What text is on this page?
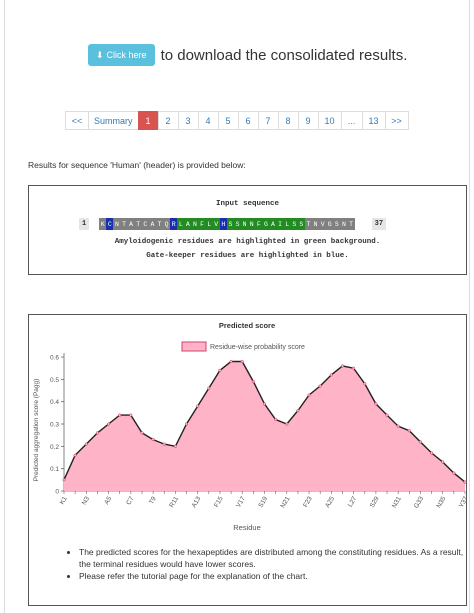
⬇ Click here to download the consolidated results.
<<	Summary	1	2	3	4	5	6	7	8	9	10	...	13	>>
Results for sequence 'Human' (header) is provided below:
Input sequence
1	K C N T A T C A T Q R L A N F L V H S S N N F G A I L S S T N V G S N T Y	37
Amyloidogenic residues are highlighted in green background.
Gate-keeper residues are highlighted in blue.
Predicted score
Residue-wise probability score
Residue
Predicted aggregation score (Pagg)
0
0.1
0.2
0.3
0.4
0.5
0.6
K1 N3 A5 C7 T9 R11 A13 F15 V17 S19 N21 F23 A25 L27 S29 N31 G33 N35 Y37
• The predicted scores for the hexapeptides are distributed among the constituting residues. As a result, the terminal residues would have lower scores.
• Please refer the tutorial page for the explanation of the chart.
